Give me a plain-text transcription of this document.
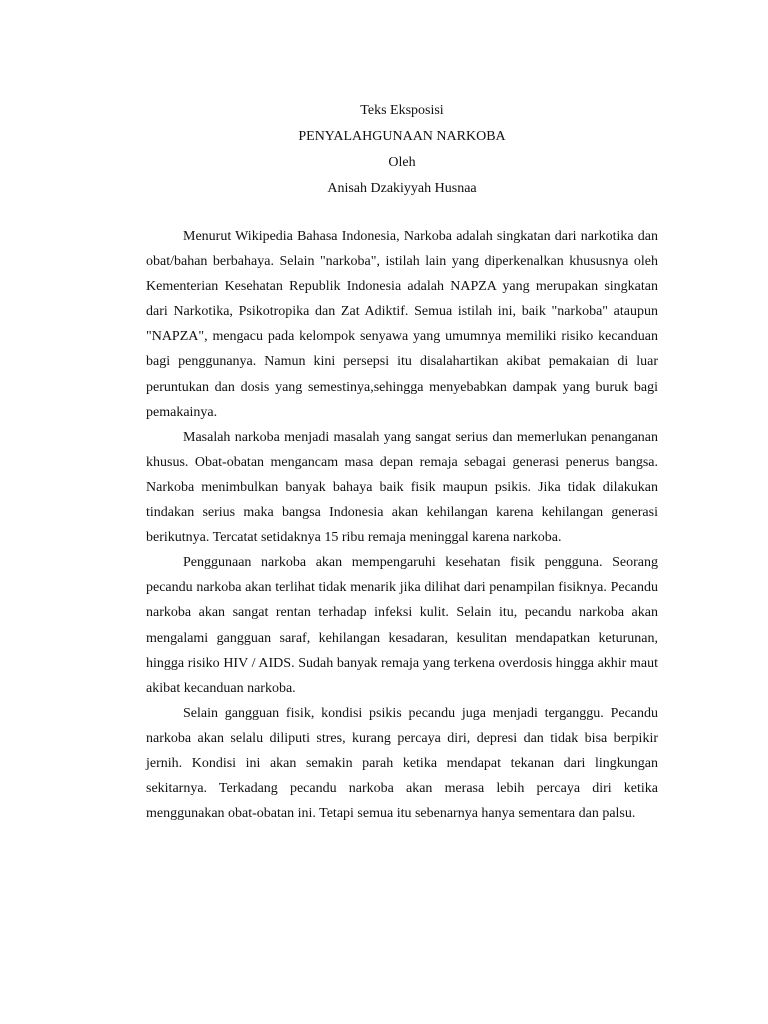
Teks Eksposisi
PENYALAHGUNAAN NARKOBA
Oleh
Anisah Dzakiyyah Husnaa

Menurut Wikipedia Bahasa Indonesia, Narkoba adalah singkatan dari narkotika dan obat/bahan berbahaya. Selain "narkoba", istilah lain yang diperkenalkan khususnya oleh Kementerian Kesehatan Republik Indonesia adalah NAPZA yang merupakan singkatan dari Narkotika, Psikotropika dan Zat Adiktif. Semua istilah ini, baik "narkoba" ataupun "NAPZA", mengacu pada kelompok senyawa yang umumnya memiliki risiko kecanduan bagi penggunanya. Namun kini persepsi itu disalahartikan akibat pemakaian di luar peruntukan dan dosis yang semestinya,sehingga menyebabkan dampak yang buruk bagi pemakainya.

Masalah narkoba menjadi masalah yang sangat serius dan memerlukan penanganan khusus. Obat-obatan mengancam masa depan remaja sebagai generasi penerus bangsa. Narkoba menimbulkan banyak bahaya baik fisik maupun psikis. Jika tidak dilakukan tindakan serius maka bangsa Indonesia akan kehilangan karena kehilangan generasi berikutnya. Tercatat setidaknya 15 ribu remaja meninggal karena narkoba.

Penggunaan narkoba akan mempengaruhi kesehatan fisik pengguna. Seorang pecandu narkoba akan terlihat tidak menarik jika dilihat dari penampilan fisiknya. Pecandu narkoba akan sangat rentan terhadap infeksi kulit. Selain itu, pecandu narkoba akan mengalami gangguan saraf, kehilangan kesadaran, kesulitan mendapatkan keturunan, hingga risiko HIV / AIDS. Sudah banyak remaja yang terkena overdosis hingga akhir maut akibat kecanduan narkoba.

Selain gangguan fisik, kondisi psikis pecandu juga menjadi terganggu. Pecandu narkoba akan selalu diliputi stres, kurang percaya diri, depresi dan tidak bisa berpikir jernih. Kondisi ini akan semakin parah ketika mendapat tekanan dari lingkungan sekitarnya. Terkadang pecandu narkoba akan merasa lebih percaya diri ketika menggunakan obat-obatan ini. Tetapi semua itu sebenarnya hanya sementara dan palsu.
